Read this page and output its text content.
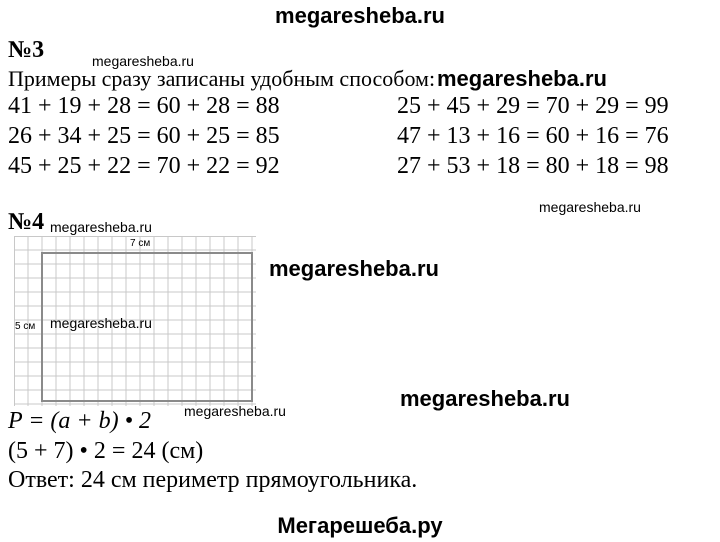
megaresheba.ru
№3	megaresheba.ru
Примеры сразу записаны удобным способом: megaresheba.ru
41 + 19 + 28 = 60 + 28 = 88
26 + 34 + 25 = 60 + 25 = 85
45 + 25 + 22 = 70 + 22 = 92
25 + 45 + 29 = 70 + 29 = 99
47 + 13 + 16 = 60 + 16 = 76
27 + 53 + 18 = 80 + 18 = 98
megaresheba.ru
№4 megaresheba.ru
7 см
5 см
megaresheba.ru
megaresheba.ru
megaresheba.ru
megaresheba.ru
P = (a + b) • 2
(5 + 7) • 2 = 24 (см)
Ответ: 24 см периметр прямоугольника.
Мегарешеба.ру
